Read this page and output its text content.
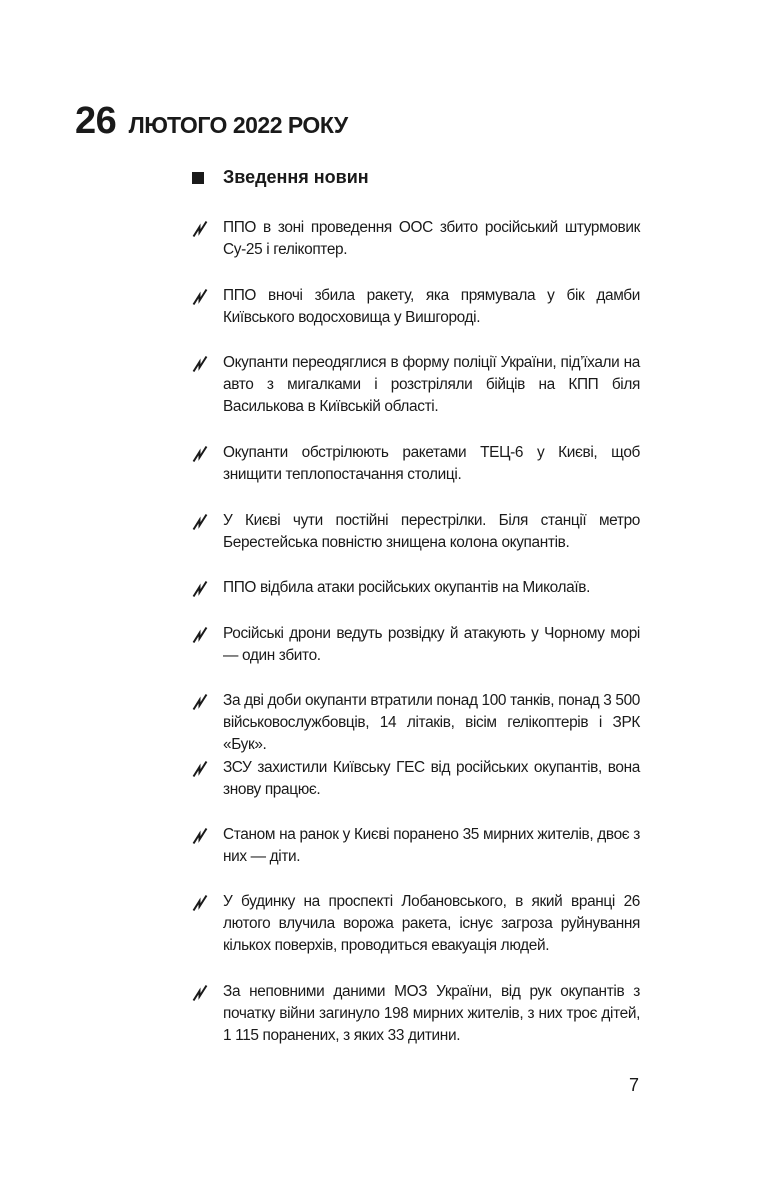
26 ЛЮТОГО 2022 РОКУ
Зведення новин
ППО в зоні проведення ООС збито російський штурмовик Су-25 і гелікоптер.
ППО вночі збила ракету, яка прямувала у бік дамби Київського водосховища у Вишгороді.
Окупанти переодяглися в форму поліції України, під’їхали на авто з мигалками і розстріляли бійців на КПП біля Василькова в Київській області.
Окупанти обстрілюють ракетами ТЕЦ-6 у Києві, щоб знищити теплопостачання столиці.
У Києві чути постійні перестрілки. Біля станції метро Берестейська повністю знищена колона окупантів.
ППО відбила атаки російських окупантів на Миколаїв.
Російські дрони ведуть розвідку й атакують у Чорному морі — один збито.
За дві доби окупанти втратили понад 100 танків, понад 3 500 військовослужбовців, 14 літаків, вісім гелікоптерів і ЗРК «Бук».
ЗСУ захистили Київську ГЕС від російських окупантів, вона знову працює.
Станом на ранок у Києві поранено 35 мирних жителів, двоє з них — діти.
У будинку на проспекті Лобановського, в який вранці 26 лютого влучила ворожа ракета, існує загроза руйнування кількох поверхів, проводиться евакуація людей.
За неповними даними МОЗ України, від рук окупантів з початку війни загинуло 198 мирних жителів, з них троє дітей, 1 115 поранених, з яких 33 дитини.
7
